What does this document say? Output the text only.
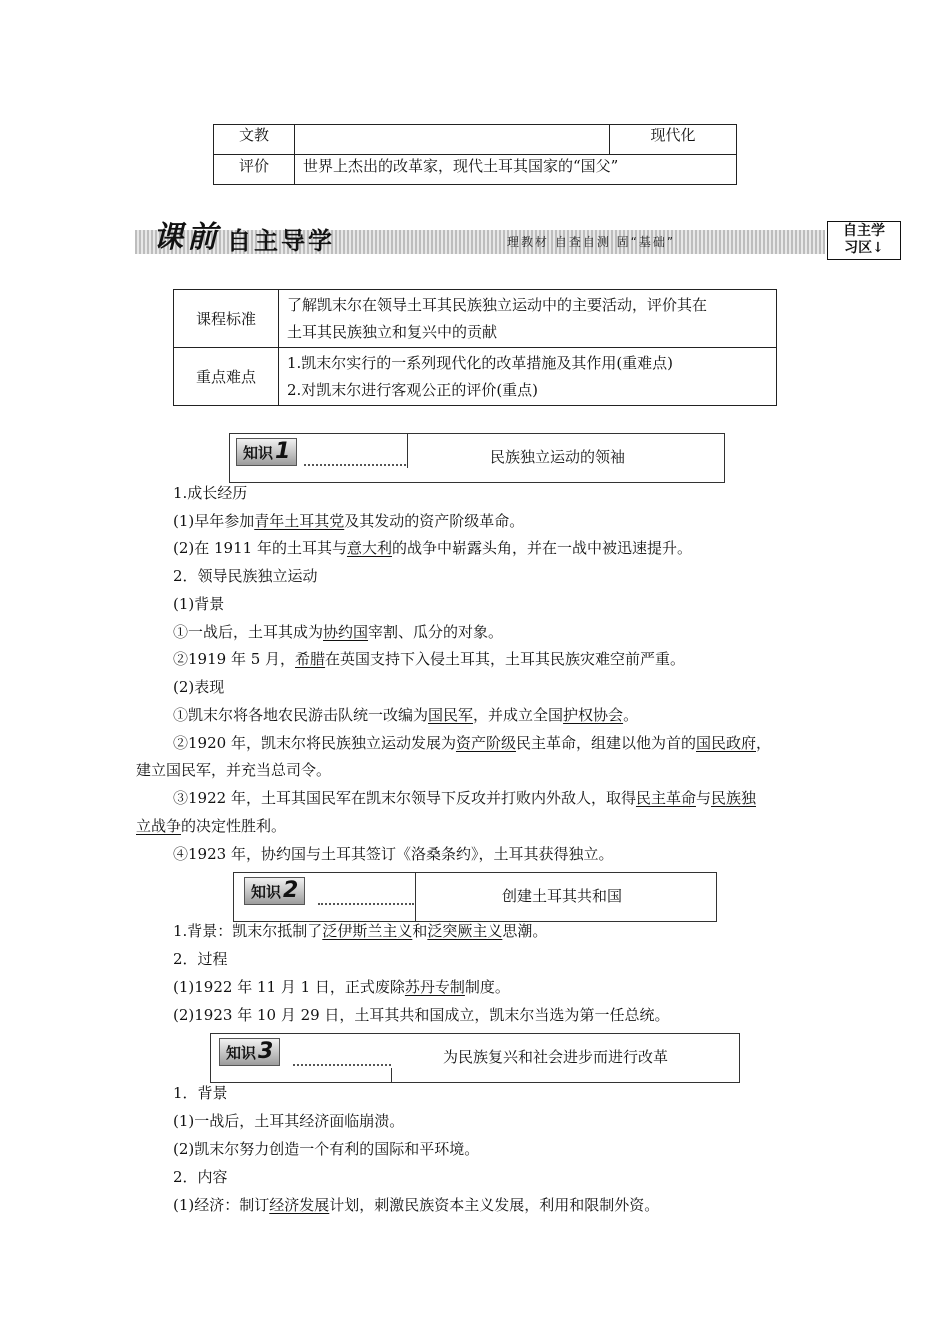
文教		现代化
评价	世界上杰出的改革家，现代土耳其国家的“国父”	
课前 自主导学	理教材 自查自测 固“基础”
自主学
习区↓
课程标准	了解凯末尔在领导土耳其民族独立运动中的主要活动，评价其在
土耳其民族独立和复兴中的贡献

重点难点	1.凯末尔实行的一系列现代化的改革措施及其作用(重难点)
2.对凯末尔进行客观公正的评价(重点)
知识1	民族独立运动的领袖
1.成长经历
(1)早年参加青年土耳其党及其发动的资产阶级革命。
(2)在 1911 年的土耳其与意大利的战争中崭露头角，并在一战中被迅速提升。
2．领导民族独立运动
(1)背景
①一战后，土耳其成为协约国宰割、瓜分的对象。
②1919 年 5 月，希腊在英国支持下入侵土耳其，土耳其民族灾难空前严重。
(2)表现
①凯末尔将各地农民游击队统一改编为国民军，并成立全国护权协会。
②1920 年，凯末尔将民族独立运动发展为资产阶级民主革命，组建以他为首的国民政府，
建立国民军，并充当总司令。
③1922 年，土耳其国民军在凯末尔领导下反攻并打败内外敌人，取得民主革命与民族独
立战争的决定性胜利。
④1923 年，协约国与土耳其签订《洛桑条约》，土耳其获得独立。
知识2	创建土耳其共和国
1.背景：凯末尔抵制了泛伊斯兰主义和泛突厥主义思潮。
2．过程
(1)1922 年 11 月 1 日，正式废除苏丹专制制度。
(2)1923 年 10 月 29 日，土耳其共和国成立，凯末尔当选为第一任总统。
知识3	为民族复兴和社会进步而进行改革
1．背景
(1)一战后，土耳其经济面临崩溃。
(2)凯末尔努力创造一个有利的国际和平环境。
2．内容
(1)经济：制订经济发展计划，刺激民族资本主义发展，利用和限制外资。
